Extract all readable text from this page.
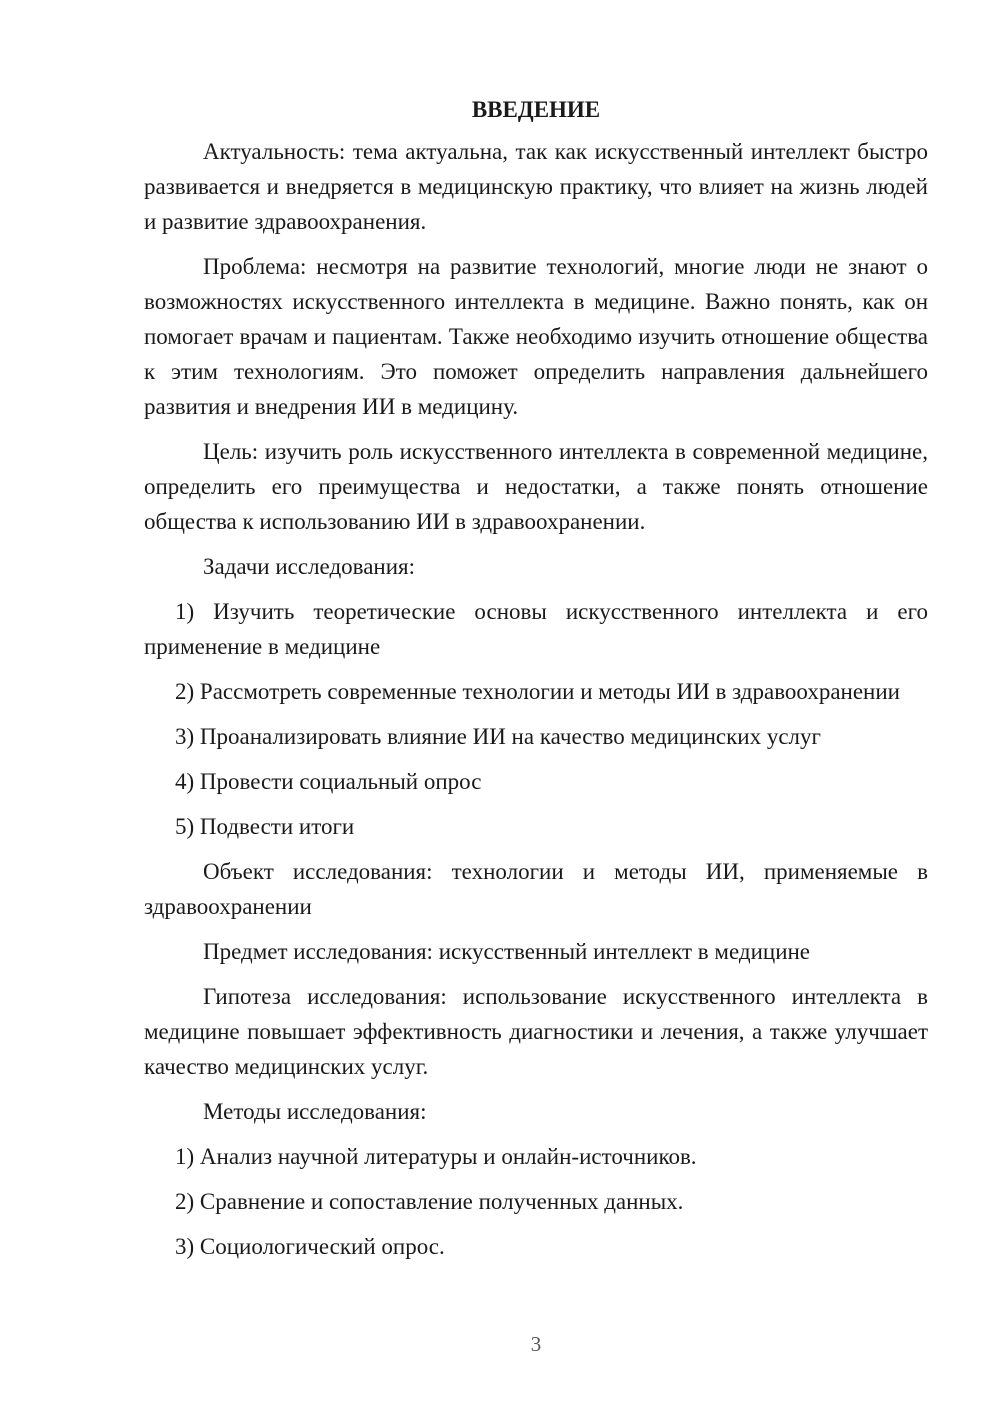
ВВЕДЕНИЕ

Актуальность: тема актуальна, так как искусственный интеллект быстро развивается и внедряется в медицинскую практику, что влияет на жизнь людей и развитие здравоохранения.

Проблема: несмотря на развитие технологий, многие люди не знают о возможностях искусственного интеллекта в медицине. Важно понять, как он помогает врачам и пациентам. Также необходимо изучить отношение общества к этим технологиям. Это поможет определить направления дальнейшего развития и внедрения ИИ в медицину.

Цель: изучить роль искусственного интеллекта в современной медицине, определить его преимущества и недостатки, а также понять отношение общества к использованию ИИ в здравоохранении.

Задачи исследования:

1) Изучить теоретические основы искусственного интеллекта и его применение в медицине

2) Рассмотреть современные технологии и методы ИИ в здравоохранении

3) Проанализировать влияние ИИ на качество медицинских услуг

4) Провести социальный опрос

5) Подвести итоги

Объект исследования: технологии и методы ИИ, применяемые в здравоохранении

Предмет исследования: искусственный интеллект в медицине

Гипотеза исследования: использование искусственного интеллекта в медицине повышает эффективность диагностики и лечения, а также улучшает качество медицинских услуг.

Методы исследования:

1) Анализ научной литературы и онлайн-источников.

2) Сравнение и сопоставление полученных данных.

3) Социологический опрос.

3
